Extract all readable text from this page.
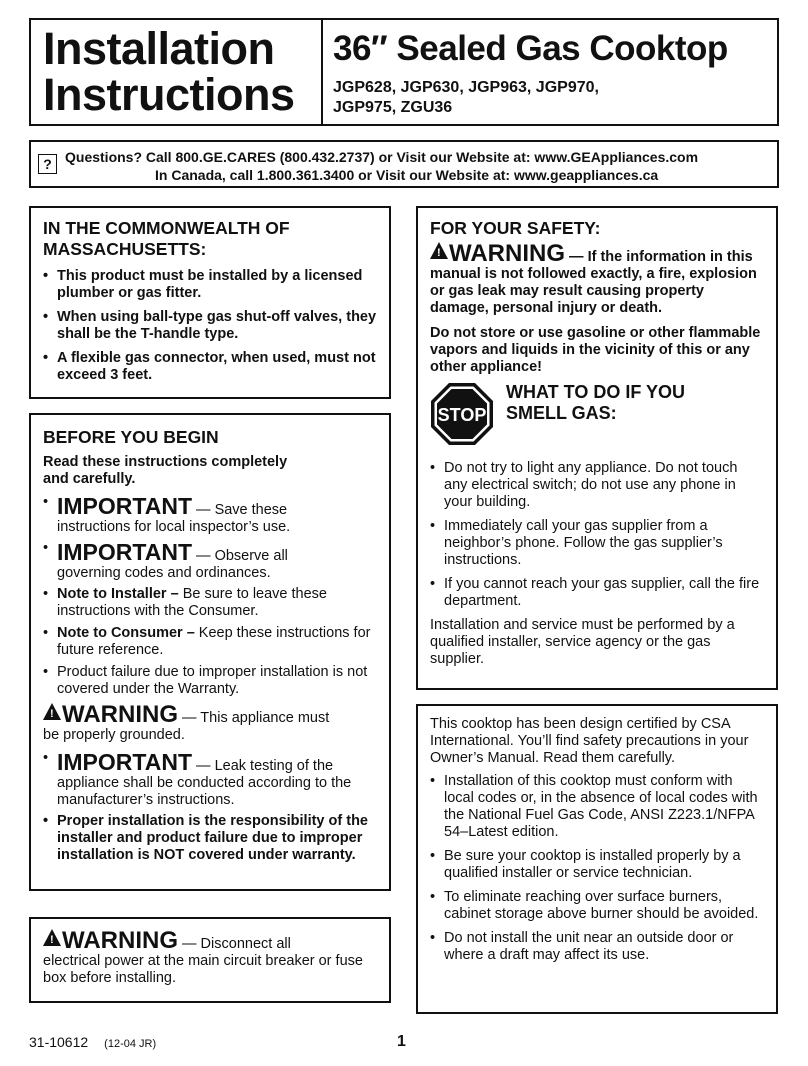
Installation
Instructions
36″ Sealed Gas Cooktop
JGP628, JGP630, JGP963, JGP970,
JGP975, ZGU36
? Questions? Call 800.GE.CARES (800.432.2737) or Visit our Website at: www.GEAppliances.com
In Canada, call 1.800.361.3400 or Visit our Website at: www.geappliances.ca
IN THE COMMONWEALTH OF
MASSACHUSETTS:
• This product must be installed by a licensed plumber or gas fitter.
• When using ball-type gas shut-off valves, they shall be the T-handle type.
• A flexible gas connector, when used, must not exceed 3 feet.
BEFORE YOU BEGIN

Read these instructions completely
and carefully.

• IMPORTANT — Save these
instructions for local inspector’s use.
• IMPORTANT — Observe all
governing codes and ordinances.
• Note to Installer – Be sure to leave these instructions with the Consumer.
• Note to Consumer – Keep these instructions for future reference.
• Product failure due to improper installation is not covered under the Warranty.

!WARNING — This appliance must
be properly grounded.

• IMPORTANT — Leak testing of the
appliance shall be conducted according to the manufacturer’s instructions.
• Proper installation is the responsibility of the installer and product failure due to improper installation is NOT covered under warranty.

!WARNING — Disconnect all
electrical power at the main circuit breaker or fuse box before installing.

FOR YOUR SAFETY:

!WARNING — If the information in this manual is not followed exactly, a fire, explosion or gas leak may result causing property damage, personal injury or death.

Do not store or use gasoline or other flammable vapors and liquids in the vicinity of this or any other appliance!

STOP
WHAT TO DO IF YOU
SMELL GAS:
• Do not try to light any appliance. Do not touch any electrical switch; do not use any phone in your building.
• Immediately call your gas supplier from a neighbor’s phone. Follow the gas supplier’s instructions.
• If you cannot reach your gas supplier, call the fire department.

Installation and service must be performed by a qualified installer, service agency or the gas supplier.

This cooktop has been design certified by CSA International. You’ll find safety precautions in your Owner’s Manual. Read them carefully.

• Installation of this cooktop must conform with local codes or, in the absence of local codes with the National Fuel Gas Code, ANSI Z223.1/NFPA 54–Latest edition.
• Be sure your cooktop is installed properly by a qualified installer or service technician.
• To eliminate reaching over surface burners, cabinet storage above burner should be avoided.
• Do not install the unit near an outside door or where a draft may affect its use.
31-10612 (12-04 JR)	1
